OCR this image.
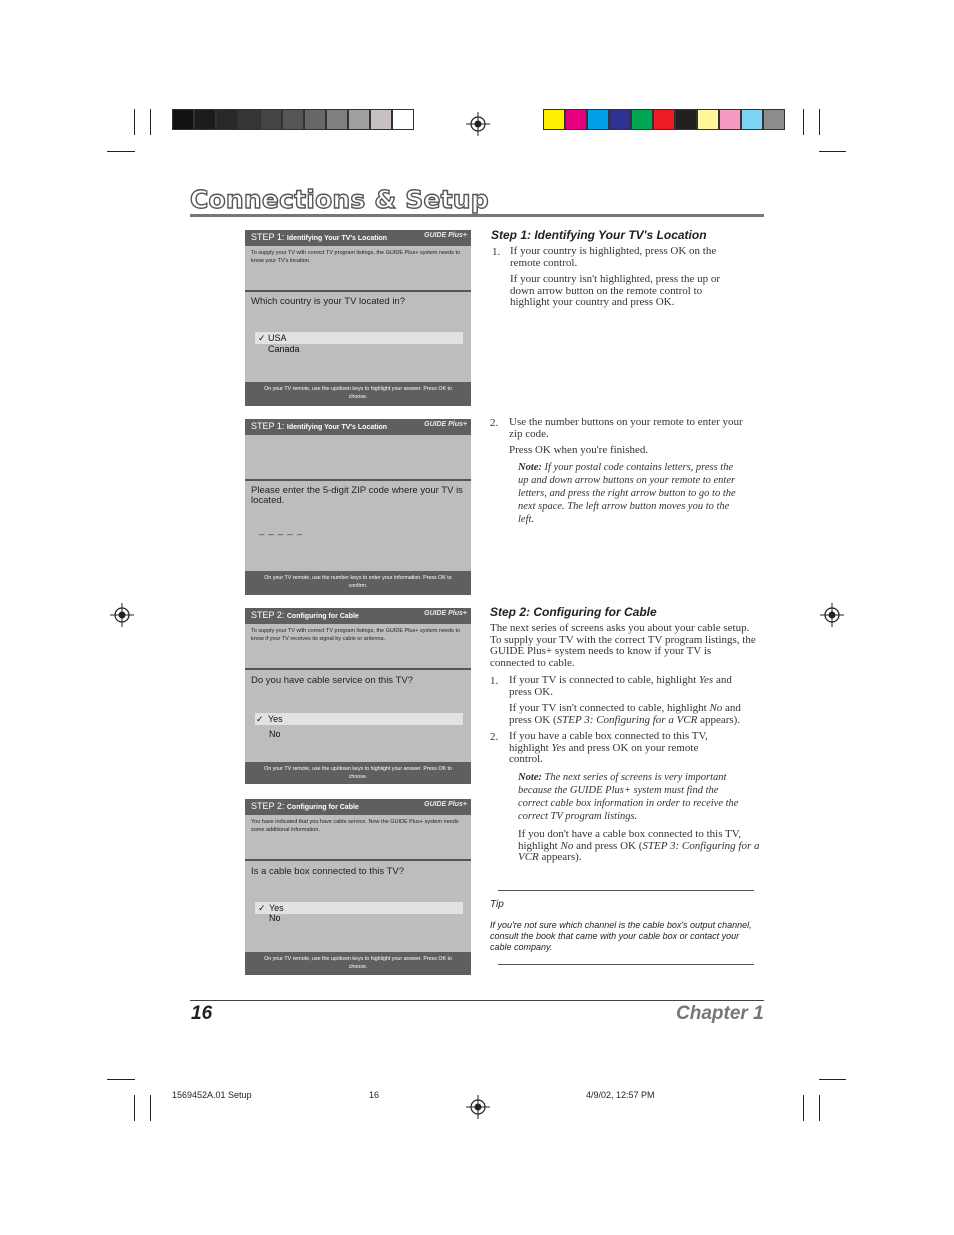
Connections & Setup
STEP 1: Identifying Your TV's Location	GUIDE Plus+
To supply your TV with correct TV program listings, the GUIDE Plus+ system needs to know your TV's location.
Which country is your TV located in?
✓ USA
Canada
On your TV remote, use the up/down keys to highlight your answer. Press OK to choose.
STEP 1: Identifying Your TV's Location	GUIDE Plus+
Please enter the 5-digit ZIP code where your TV is located.
_ _ _ _ _
On your TV remote, use the number keys to enter your information. Press OK to confirm.
STEP 2: Configuring for Cable	GUIDE Plus+
To supply your TV with correct TV program listings, the GUIDE Plus+ system needs to know if your TV receives its signal by cable or antenna.
Do you have cable service on this TV?
✓ Yes
No
On your TV remote, use the up/down keys to highlight your answer. Press OK to choose.
STEP 2: Configuring for Cable	GUIDE Plus+
You have indicated that you have cable service. Now the GUIDE Plus+ system needs some additional information.
Is a cable box connected to this TV?
✓ Yes
No
On your TV remote, use the up/down keys to highlight your answer. Press OK to choose.
Step 1: Identifying Your TV's Location
1. If your country is highlighted, press OK on the remote control.
If your country isn't highlighted, press the up or down arrow button on the remote control to highlight your country and press OK.
2. Use the number buttons on your remote to enter your zip code.
Press OK when you're finished.
Note: If your postal code contains letters, press the up and down arrow buttons on your remote to enter letters, and press the right arrow button to go to the next space. The left arrow button moves you to the left.
Step 2: Configuring for Cable
The next series of screens asks you about your cable setup. To supply your TV with the correct TV program listings, the GUIDE Plus+ system needs to know if your TV is connected to cable.
1. If your TV is connected to cable, highlight Yes and press OK.
If your TV isn't connected to cable, highlight No and press OK (STEP 3: Configuring for a VCR appears).
2. If you have a cable box connected to this TV, highlight Yes and press OK on your remote control.
Note: The next series of screens is very important because the GUIDE Plus+ system must find the correct cable box information in order to receive the correct TV program listings.
If you don't have a cable box connected to this TV, highlight No and press OK (STEP 3: Configuring for a VCR appears).
Tip
If you're not sure which channel is the cable box's output channel, consult the book that came with your cable box or contact your cable company.
16	Chapter 1
1569452A.01 Setup	16	4/9/02, 12:57 PM
